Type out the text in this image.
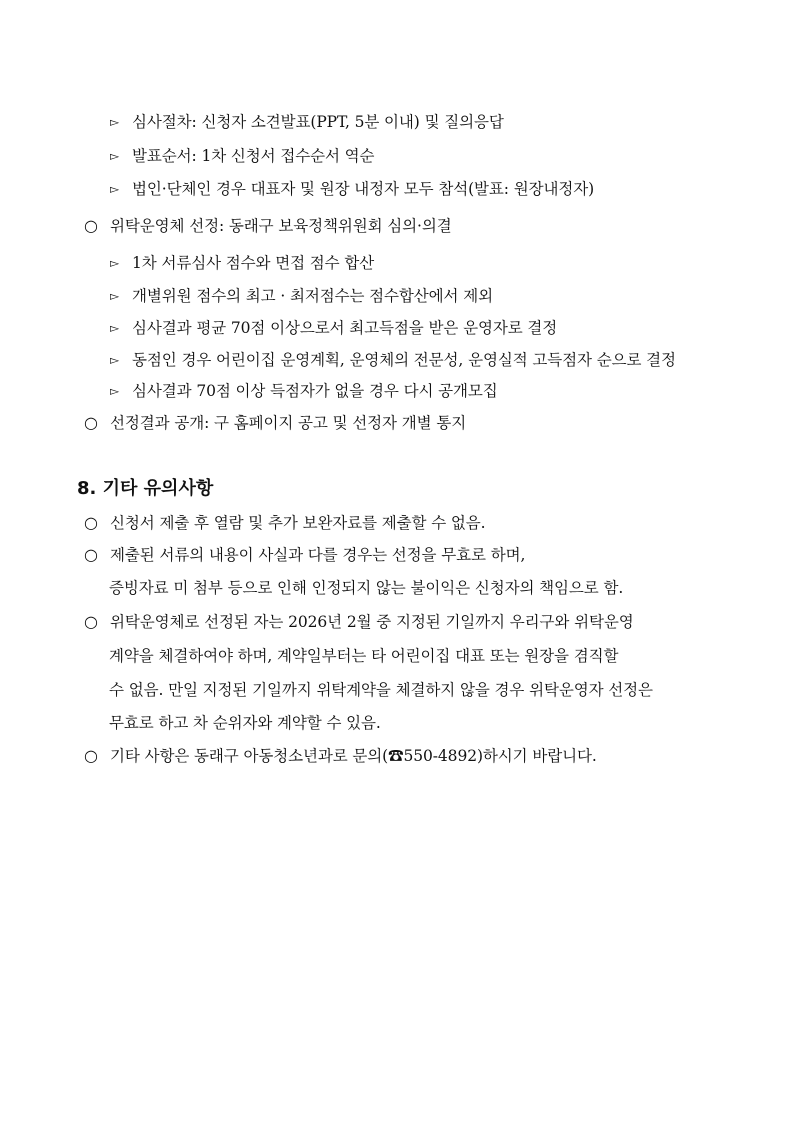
▻ 심사절차: 신청자 소견발표(PPT, 5분 이내) 및 질의응답
▻ 발표순서: 1차 신청서 접수순서 역순
▻ 법인·단체인 경우 대표자 및 원장 내정자 모두 참석(발표: 원장내정자)
○ 위탁운영체 선정: 동래구 보육정책위원회 심의·의결
▻ 1차 서류심사 점수와 면접 점수 합산
▻ 개별위원 점수의 최고 · 최저점수는 점수합산에서 제외
▻ 심사결과 평균 70점 이상으로서 최고득점을 받은 운영자로 결정
▻ 동점인 경우 어린이집 운영계획, 운영체의 전문성, 운영실적 고득점자 순으로 결정
▻ 심사결과 70점 이상 득점자가 없을 경우 다시 공개모집
○ 선정결과 공개: 구 홈페이지 공고 및 선정자 개별 통지
8. 기타 유의사항
○ 신청서 제출 후 열람 및 추가 보완자료를 제출할 수 없음.
○ 제출된 서류의 내용이 사실과 다를 경우는 선정을 무효로 하며,
증빙자료 미 첨부 등으로 인해 인정되지 않는 불이익은 신청자의 책임으로 함.
○ 위탁운영체로 선정된 자는 2026년 2월 중 지정된 기일까지 우리구와 위탁운영
계약을 체결하여야 하며, 계약일부터는 타 어린이집 대표 또는 원장을 겸직할
수 없음. 만일 지정된 기일까지 위탁계약을 체결하지 않을 경우 위탁운영자 선정은
무효로 하고 차 순위자와 계약할 수 있음.
○ 기타 사항은 동래구 아동청소년과로 문의(☎550-4892)하시기 바랍니다.
